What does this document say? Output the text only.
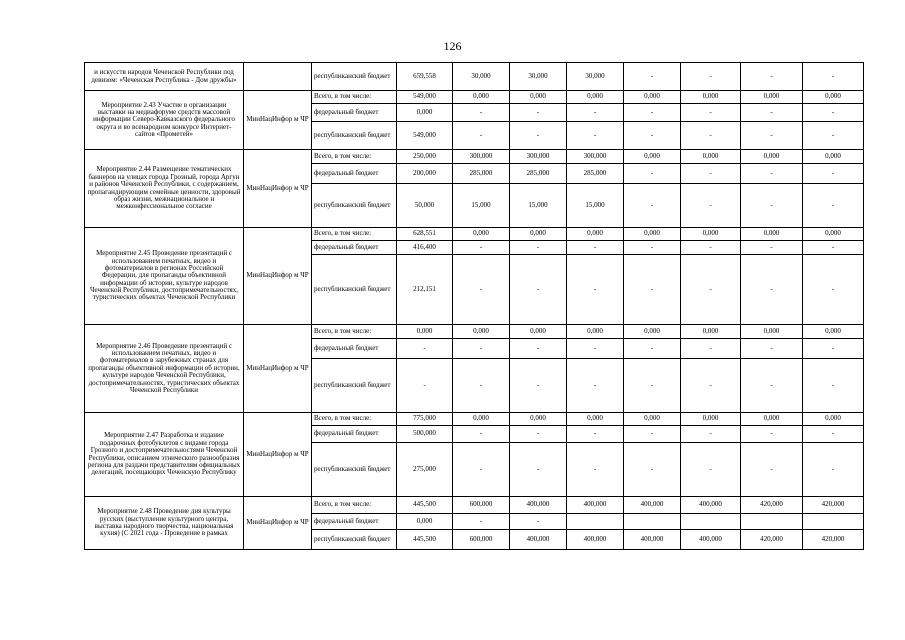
126
и искусств народов Чеченской Республики под девизом: «Чеченская Республика - Дом дружбы»		республиканский бюджет	659,558	30,000	30,000	30,000	-	-	-	-
Мероприятие 2.43 Участие в организации выставки на медиафоруме средств массовой информации Северо-Кавказского федерального округа и во всенародном конкурсе Интернет-сайтов «Прометей»	МинНацИнфор м ЧР	Всего, в том числе:	549,000	0,000	0,000	0,000	0,000	0,000	0,000	0,000
		федеральный бюджет	0,000	-	-	-	-	-	-	-
		республиканский бюджет	549,000	-	-	-	-	-	-	-
Мероприятие 2.44 Размещение тематических баннеров на улицах города Грозный, города Аргун и районов Чеченской Республики, с содержанием, пропагандирующим семейные ценности, здоровый образ жизни, межнациональное и межконфессиональное согласие	МинНацИнфор м ЧР	Всего, в том числе:	250,000	300,000	300,000	300,000	0,000	0,000	0,000	0,000
		федеральный бюджет	200,000	285,000	285,000	285,000	-	-	-	-
		республиканский бюджет	50,000	15,000	15,000	15,000	-	-	-	-
Мероприятие 2.45 Проведение презентаций с использованием печатных, видео и фотоматериалов в регионах Российской Федерации, для пропаганды объективной информации об истории, культуре народов Чеченской Республики, достопримечательностях, туристических объектах Чеченской Республики	МинНацИнфор м ЧР	Всего, в том числе:	628,551	0,000	0,000	0,000	0,000	0,000	0,000	0,000
		федеральный бюджет	416,400	-	-	-	-	-	-	-
		республиканский бюджет	212,151	-	-	-	-	-	-	-
Мероприятие 2.46 Проведение презентаций с использованием печатных, видео и фотоматериалов в зарубежных странах для пропаганды объективной информации об истории, культуре народов Чеченской Республики, достопримечательностях, туристических объектах Чеченской Республики	МинНацИнфор м ЧР	Всего, в том числе:	0,000	0,000	0,000	0,000	0,000	0,000	0,000	0,000
		федеральный бюджет	-	-	-	-	-	-	-	-
		республиканский бюджет	-	-	-	-	-	-	-	-
Мероприятие 2.47 Разработка и издание подарочных фотобуклетов с видами города Грозного и достопримечательностями Чеченской Республики, описанием этнического разнообразия региона для раздачи представителям официальных делегаций, посещающих Чеченскую Республику	МинНацИнфор м ЧР	Всего, в том числе:	775,000	0,000	0,000	0,000	0,000	0,000	0,000	0,000
		федеральный бюджет	500,000	-	-	-	-	-	-	-
		республиканский бюджет	275,000	-	-	-	-	-	-	-
Мероприятие 2.48 Проведение дня культуры русских (выступление культурного центра, выставка народного творчества, национальная кухня) (С 2021 года - Проведение в рамках	МинНацИнфор м ЧР	Всего, в том числе:	445,500	600,000	400,000	400,000	400,000	400,000	420,000	420,000
		федеральный бюджет	0,000	-	-					
		республиканский бюджет	445,500	600,000	400,000	400,000	400,000	400,000	420,000	420,000
